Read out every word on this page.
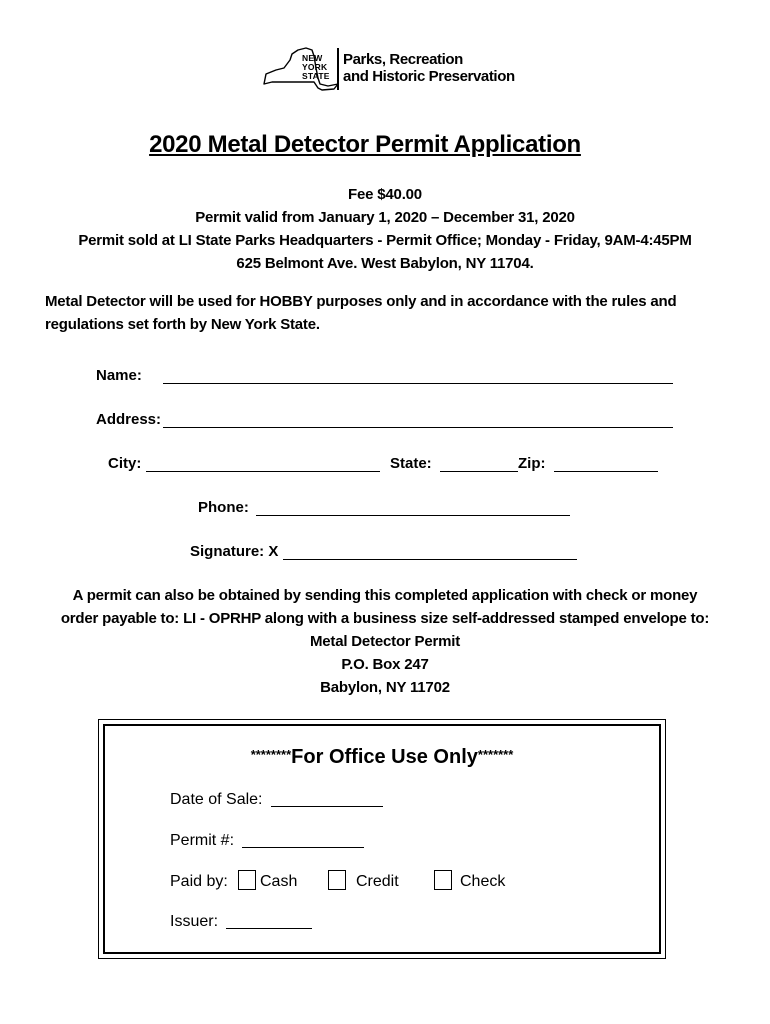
NEW
YORK
STATE
Parks, Recreation
and Historic Preservation
2020 Metal Detector Permit Application
Fee $40.00
Permit valid from January 1, 2020 – December 31, 2020
Permit sold at LI State Parks Headquarters - Permit Office; Monday - Friday, 9AM-4:45PM
625 Belmont Ave. West Babylon, NY 11704.
Metal Detector will be used for HOBBY purposes only and in accordance with the rules and regulations set forth by New York State.
Name:
Address:
City:	State:	Zip:
Phone:
Signature: X
A permit can also be obtained by sending this completed application with check or money
order payable to: LI - OPRHP along with a business size self-addressed stamped envelope to:
Metal Detector Permit
P.O. Box 247
Babylon, NY 11702
********For Office Use Only*******
Date of Sale:
Permit #:
Paid by: Cash	Credit	Check
Issuer:
